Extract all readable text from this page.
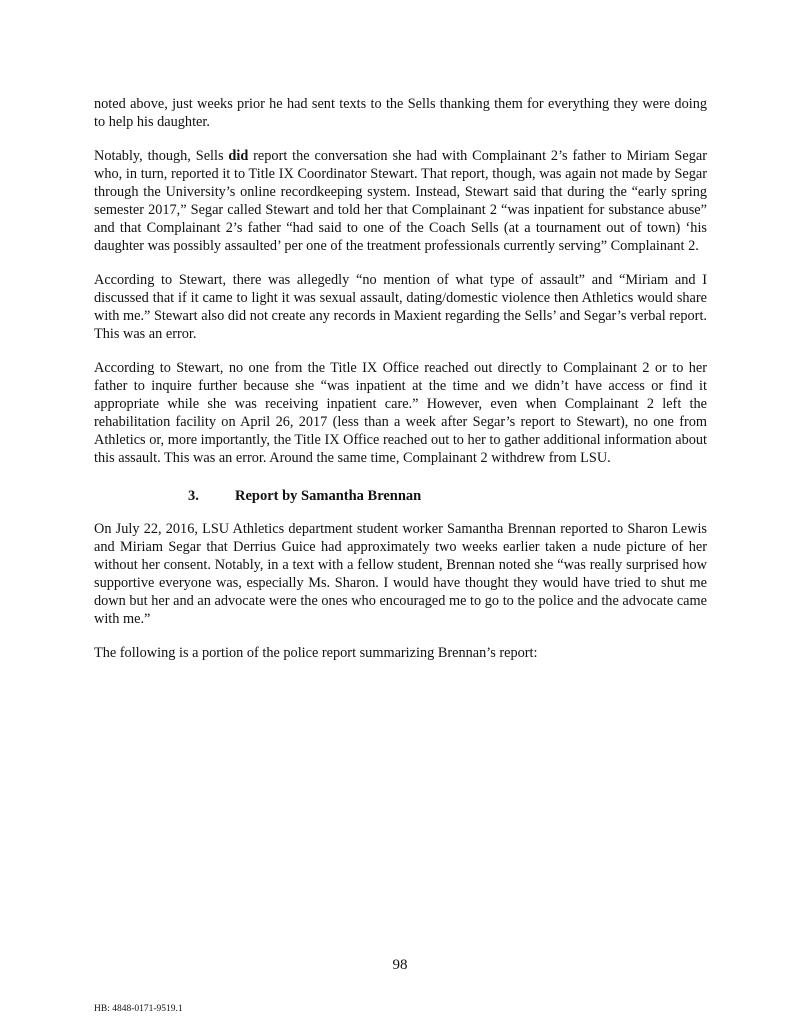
noted above, just weeks prior he had sent texts to the Sells thanking them for everything they were doing to help his daughter.

Notably, though, Sells did report the conversation she had with Complainant 2’s father to Miriam Segar who, in turn, reported it to Title IX Coordinator Stewart. That report, though, was again not made by Segar through the University’s online recordkeeping system. Instead, Stewart said that during the “early spring semester 2017,” Segar called Stewart and told her that Complainant 2 “was inpatient for substance abuse” and that Complainant 2’s father “had said to one of the Coach Sells (at a tournament out of town) ‘his daughter was possibly assaulted’ per one of the treatment professionals currently serving” Complainant 2.

According to Stewart, there was allegedly “no mention of what type of assault” and “Miriam and I discussed that if it came to light it was sexual assault, dating/domestic violence then Athletics would share with me.” Stewart also did not create any records in Maxient regarding the Sells’ and Segar’s verbal report. This was an error.

According to Stewart, no one from the Title IX Office reached out directly to Complainant 2 or to her father to inquire further because she “was inpatient at the time and we didn’t have access or find it appropriate while she was receiving inpatient care.” However, even when Complainant 2 left the rehabilitation facility on April 26, 2017 (less than a week after Segar’s report to Stewart), no one from Athletics or, more importantly, the Title IX Office reached out to her to gather additional information about this assault. This was an error. Around the same time, Complainant 2 withdrew from LSU.

3. Report by Samantha Brennan

On July 22, 2016, LSU Athletics department student worker Samantha Brennan reported to Sharon Lewis and Miriam Segar that Derrius Guice had approximately two weeks earlier taken a nude picture of her without her consent. Notably, in a text with a fellow student, Brennan noted she “was really surprised how supportive everyone was, especially Ms. Sharon. I would have thought they would have tried to shut me down but her and an advocate were the ones who encouraged me to go to the police and the advocate came with me.”

The following is a portion of the police report summarizing Brennan’s report:

98
HB: 4848-0171-9519.1
